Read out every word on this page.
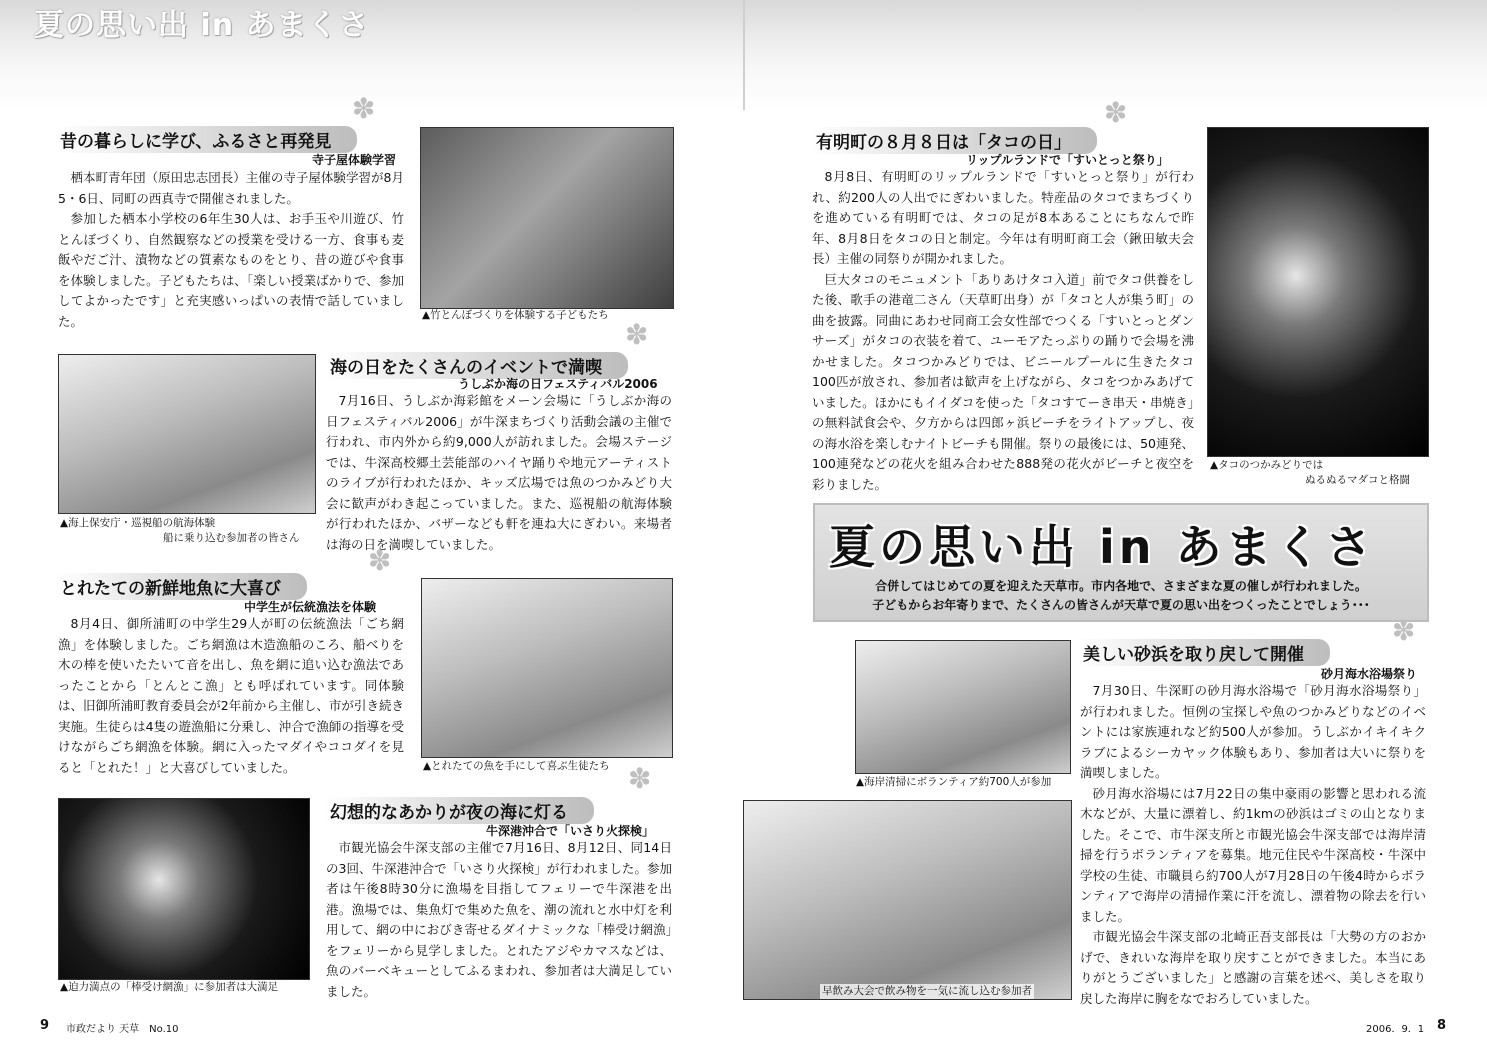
夏の思い出 in あまくさ
✽
昔の暮らしに学び、ふるさと再発見
寺子屋体験学習

栖本町青年団（原田忠志団長）主催の寺子屋体験学習が8月5・6日、同町の西真寺で開催されました。

参加した栖本小学校の6年生30人は、お手玉や川遊び、竹とんぼづくり、自然観察などの授業を受ける一方、食事も麦飯やだご汁、漬物などの質素なものをとり、昔の遊びや食事を体験しました。子どもたちは、「楽しい授業ばかりで、参加してよかったです」と充実感いっぱいの表情で話していました。	▲竹とんぼづくりを体験する子どもたち
✽
▲海上保安庁・巡視船の航海体験
船に乗り込む参加者の皆さん
海の日をたくさんのイベントで満喫
うしぶか海の日フェスティバル2006

7月16日、うしぶか海彩館をメーン会場に「うしぶか海の日フェスティバル2006」が牛深まちづくり活動会議の主催で行われ、市内外から約9,000人が訪れました。会場ステージでは、牛深高校郷土芸能部のハイヤ踊りや地元アーティストのライブが行われたほか、キッズ広場では魚のつかみどり大会に歓声がわき起こっていました。また、巡視船の航海体験が行われたほか、バザーなども軒を連ね大にぎわい。来場者は海の日を満喫していました。

✽
とれたての新鮮地魚に大喜び
中学生が伝統漁法を体験

8月4日、御所浦町の中学生29人が町の伝統漁法「ごち網漁」を体験しました。ごち網漁は木造漁船のころ、船べりを木の棒を使いたたいて音を出し、魚を網に追い込む漁法であったことから「とんとこ漁」とも呼ばれています。同体験は、旧御所浦町教育委員会が2年前から主催し、市が引き続き実施。生徒らは4隻の遊漁船に分乗し、沖合で漁師の指導を受けながらごち網漁を体験。網に入ったマダイやココダイを見ると「とれた！」と大喜びしていました。	▲とれたての魚を手にして喜ぶ生徒たち ✽
▲迫力満点の「棒受け網漁」に参加者は大満足
幻想的なあかりが夜の海に灯る
牛深港沖合で「いさり火探検」

市観光協会牛深支部の主催で7月16日、8月12日、同14日の3回、牛深港沖合で「いさり火探検」が行われました。参加者は午後8時30分に漁場を目指してフェリーで牛深港を出港。漁場では、集魚灯で集めた魚を、潮の流れと水中灯を利用して、網の中におびき寄せるダイナミックな「棒受け網漁」をフェリーから見学しました。とれたアジやカマスなどは、魚のバーベキューとしてふるまわれ、参加者は大満足していました。

✽
有明町の８月８日は「タコの日」
リップルランドで「すいとっと祭り」

8月8日、有明町のリップルランドで「すいとっと祭り」が行われ、約200人の人出でにぎわいました。特産品のタコでまちづくりを進めている有明町では、タコの足が8本あることにちなんで昨年、8月8日をタコの日と制定。今年は有明町商工会（鍬田敏夫会長）主催の同祭りが開かれました。

巨大タコのモニュメント「ありあけタコ入道」前でタコ供養をした後、歌手の港竜二さん（天草町出身）が「タコと人が集う町」の曲を披露。同曲にあわせ同商工会女性部でつくる「すいとっとダンサーズ」がタコの衣装を着て、ユーモアたっぷりの踊りで会場を沸かせました。タコつかみどりでは、ビニールプールに生きたタコ100匹が放され、参加者は歓声を上げながら、タコをつかみあげていました。ほかにもイイダコを使った「タコすてーき串天・串焼き」の無料試食会や、夕方からは四郎ヶ浜ビーチをライトアップし、夜の海水浴を楽しむナイトビーチも開催。祭りの最後には、50連発、100連発などの花火を組み合わせた888発の花火がビーチと夜空を彩りました。

▲タコのつかみどりでは
ぬるぬるマダコと格闘
夏の思い出 in あまくさ
合併してはじめての夏を迎えた天草市。市内各地で、さまざまな夏の催しが行われました。
子どもからお年寄りまで、たくさんの皆さんが天草で夏の思い出をつくったことでしょう･･･
✽
▲海岸清掃にボランティア約700人が参加
早飲み大会で飲み物を一気に流し込む参加者
美しい砂浜を取り戻して開催
砂月海水浴場祭り

7月30日、牛深町の砂月海水浴場で「砂月海水浴場祭り」が行われました。恒例の宝探しや魚のつかみどりなどのイベントには家族連れなど約500人が参加。うしぶかイキイキクラブによるシーカヤック体験もあり、参加者は大いに祭りを満喫しました。

砂月海水浴場には7月22日の集中豪雨の影響と思われる流木などが、大量に漂着し、約1kmの砂浜はゴミの山となりました。そこで、市牛深支所と市観光協会牛深支部では海岸清掃を行うボランティアを募集。地元住民や牛深高校・牛深中学校の生徒、市職員ら約700人が7月28日の午後4時からボランティアで海岸の清掃作業に汗を流し、漂着物の除去を行いました。

市観光協会牛深支部の北崎正吾支部長は「大勢の方のおかげで、きれいな海岸を取り戻すことができました。本当にありがとうございました」と感謝の言葉を述べ、美しさを取り戻した海岸に胸をなでおろしていました。

9 市政だより 天草　No.10	2006．9．1 8
